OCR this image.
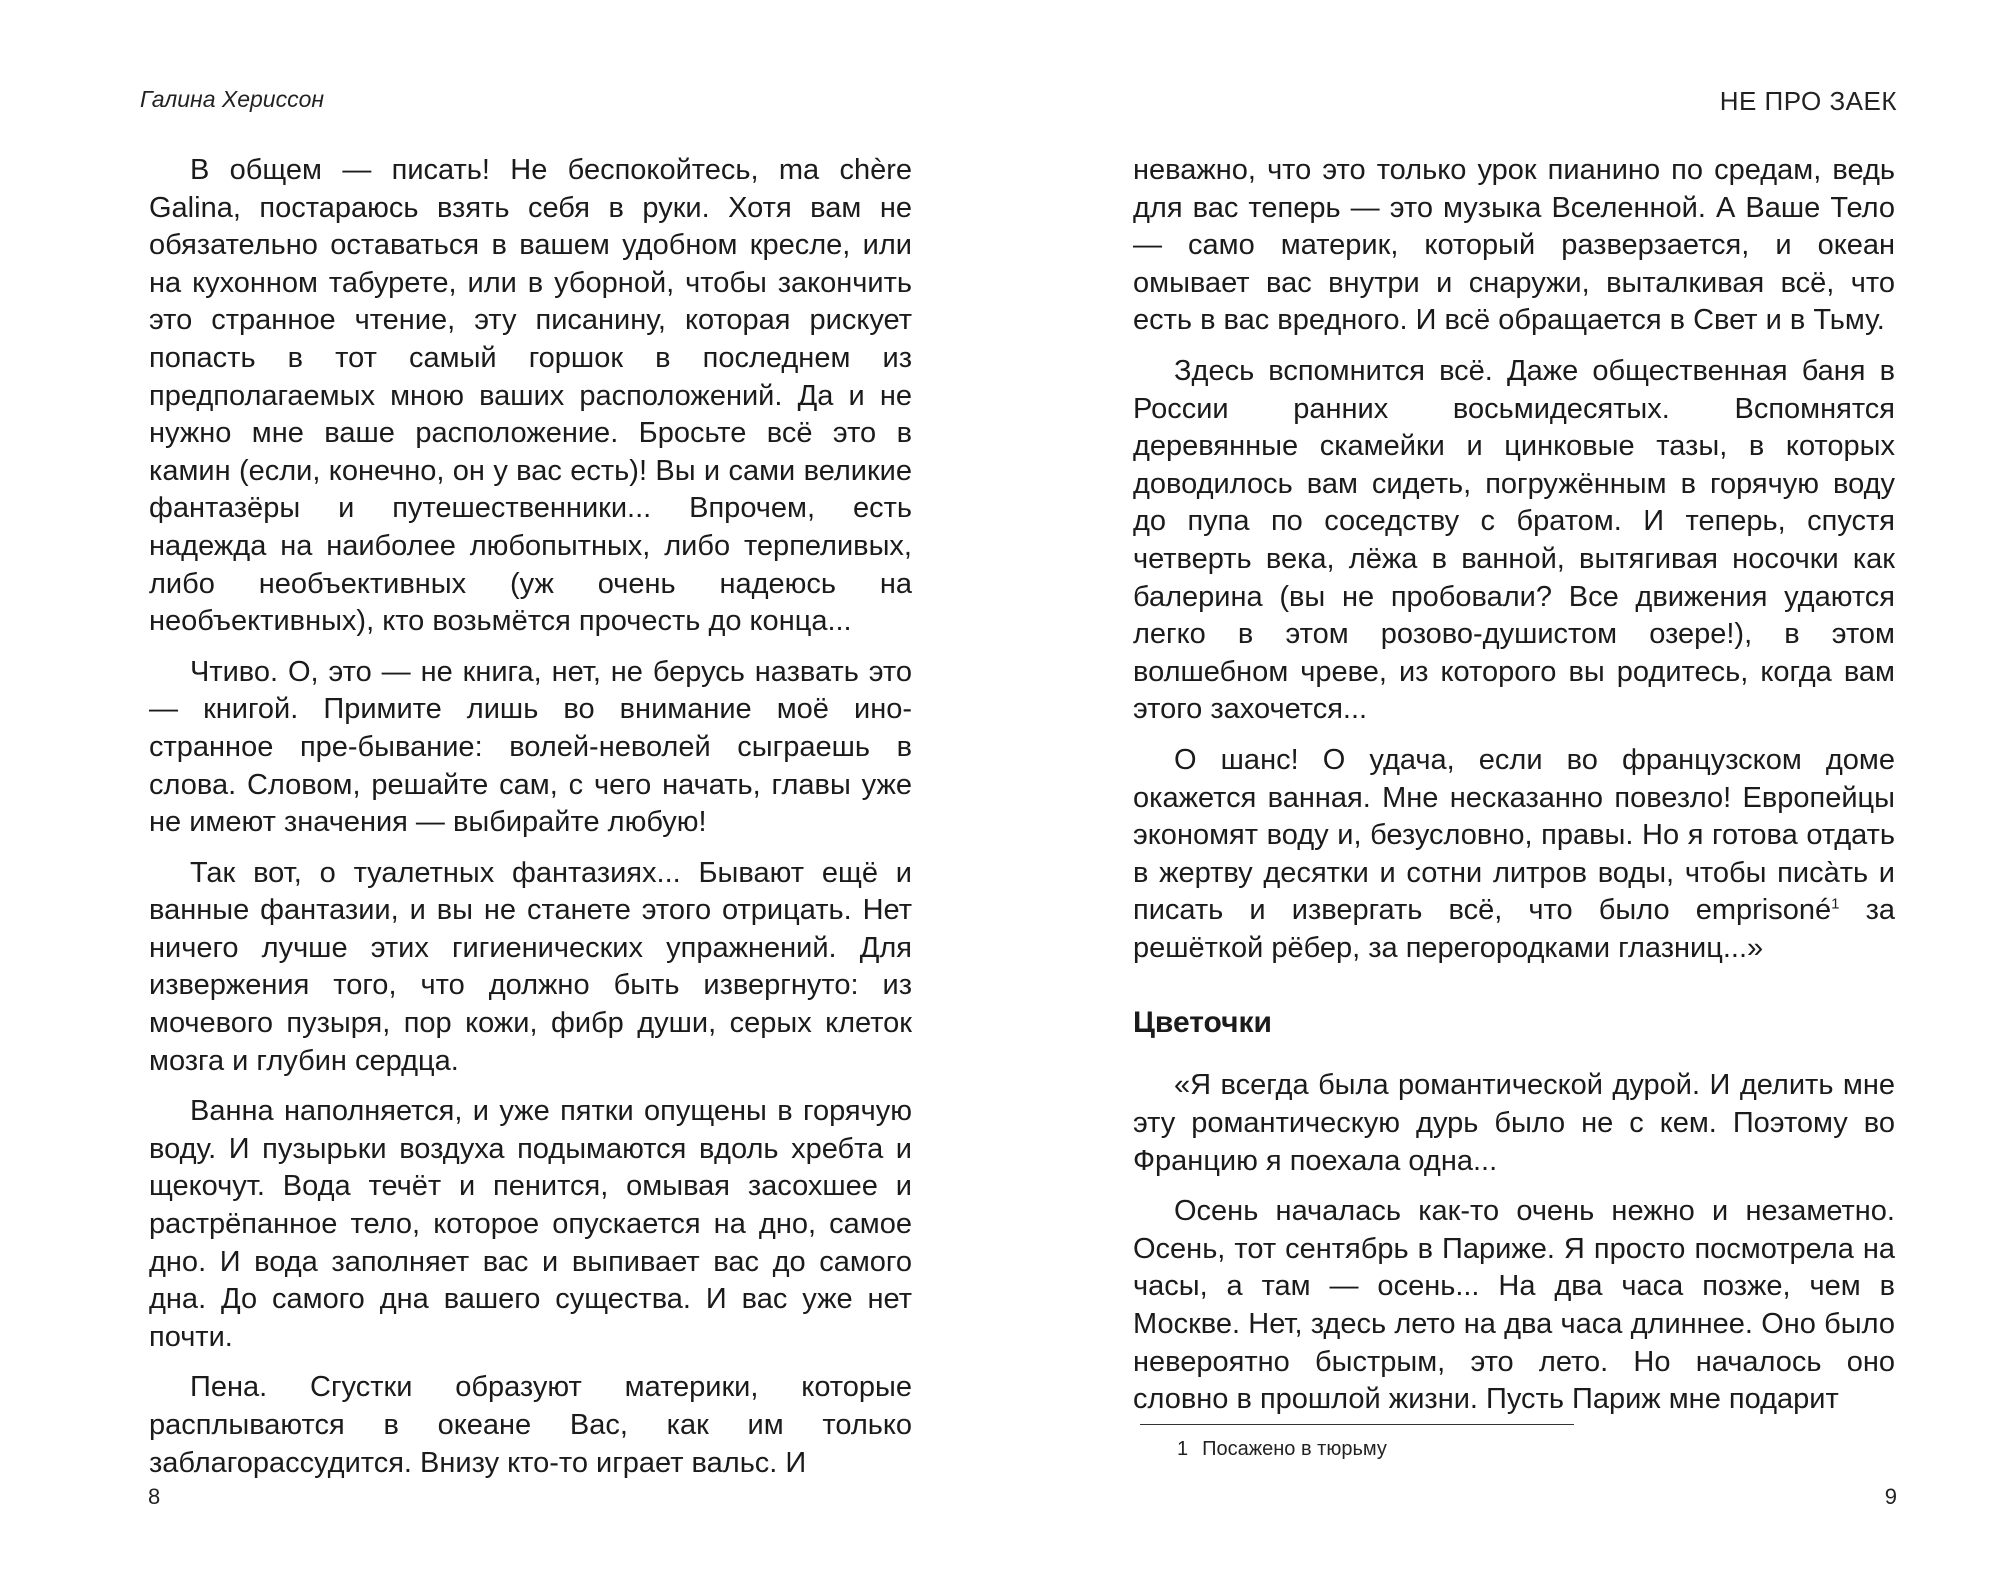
Галина Хериссон

В общем — писать! Не беспокойтесь, ma chère Galina, постараюсь взять себя в руки. Хотя вам не обязательно оставаться в вашем удобном кресле, или на кухонном табурете, или в уборной, чтобы закончить это странное чтение, эту писанину, которая рискует попасть в тот самый горшок в последнем из предполагаемых мною ваших расположений. Да и не нужно мне ваше расположение. Бросьте всё это в камин (если, конечно, он у вас есть)! Вы и сами великие фантазёры и путешественники... Впрочем, есть надежда на наиболее любопытных, либо терпеливых, либо необъективных (уж очень надеюсь на необъективных), кто возьмётся прочесть до конца...

Чтиво. О, это — не книга, нет, не берусь назвать это — книгой. Примите лишь во внимание моё ино-странное пре-бывание: волей-неволей сыграешь в слова. Словом, решайте сам, с чего начать, главы уже не имеют значения — выбирайте любую!

Так вот, о туалетных фантазиях... Бывают ещё и ванные фантазии, и вы не станете этого отрицать. Нет ничего лучше этих гигиенических упражнений. Для извержения того, что должно быть извергнуто: из мочевого пузыря, пор кожи, фибр души, серых клеток мозга и глубин сердца.

Ванна наполняется, и уже пятки опущены в горячую воду. И пузырьки воздуха подымаются вдоль хребта и щекочут. Вода течёт и пенится, омывая засохшее и растрёпанное тело, которое опускается на дно, самое дно. И вода заполняет вас и выпивает вас до самого дна. До самого дна вашего существа. И вас уже нет почти.

Пена. Сгустки образуют материки, которые расплываются в океане Вас, как им только заблагорассудится. Внизу кто-то играет вальс. И

8
НЕ ПРО ЗАЕК

неважно, что это только урок пианино по средам, ведь для вас теперь — это музыка Вселенной. А Ваше Тело — само материк, который разверзается, и океан омывает вас внутри и снаружи, выталкивая всё, что есть в вас вредного. И всё обращается в Свет и в Тьму.

Здесь вспомнится всё. Даже общественная баня в России ранних восьмидесятых. Вспомнятся деревянные скамейки и цинковые тазы, в которых доводилось вам сидеть, погружённым в горячую воду до пупа по соседству с братом. И теперь, спустя четверть века, лёжа в ванной, вытягивая носочки как балерина (вы не пробовали? Все движения удаются легко в этом розово-душистом озере!), в этом волшебном чреве, из которого вы родитесь, когда вам этого захочется...

О шанс! О удача, если во французском доме окажется ванная. Мне несказанно повезло! Европейцы экономят воду и, безусловно, правы. Но я готова отдать в жертву десятки и сотни литров воды, чтобы писа̀ть и писать и извергать всё, что было emprisoné$^1$ за решёткой рёбер, за перегородками глазниц...»

Цветочки

«Я всегда была романтической дурой. И делить мне эту романтическую дурь было не с кем. Поэтому во Францию я поехала одна...

Осень началась как-то очень нежно и незаметно. Осень, тот сентябрь в Париже. Я просто посмотрела на часы, а там — осень... На два часа позже, чем в Москве. Нет, здесь лето на два часа длиннее. Оно было невероятно быстрым, это лето. Но началось оно словно в прошлой жизни. Пусть Париж мне подарит

1 Посажено в тюрьму
9
